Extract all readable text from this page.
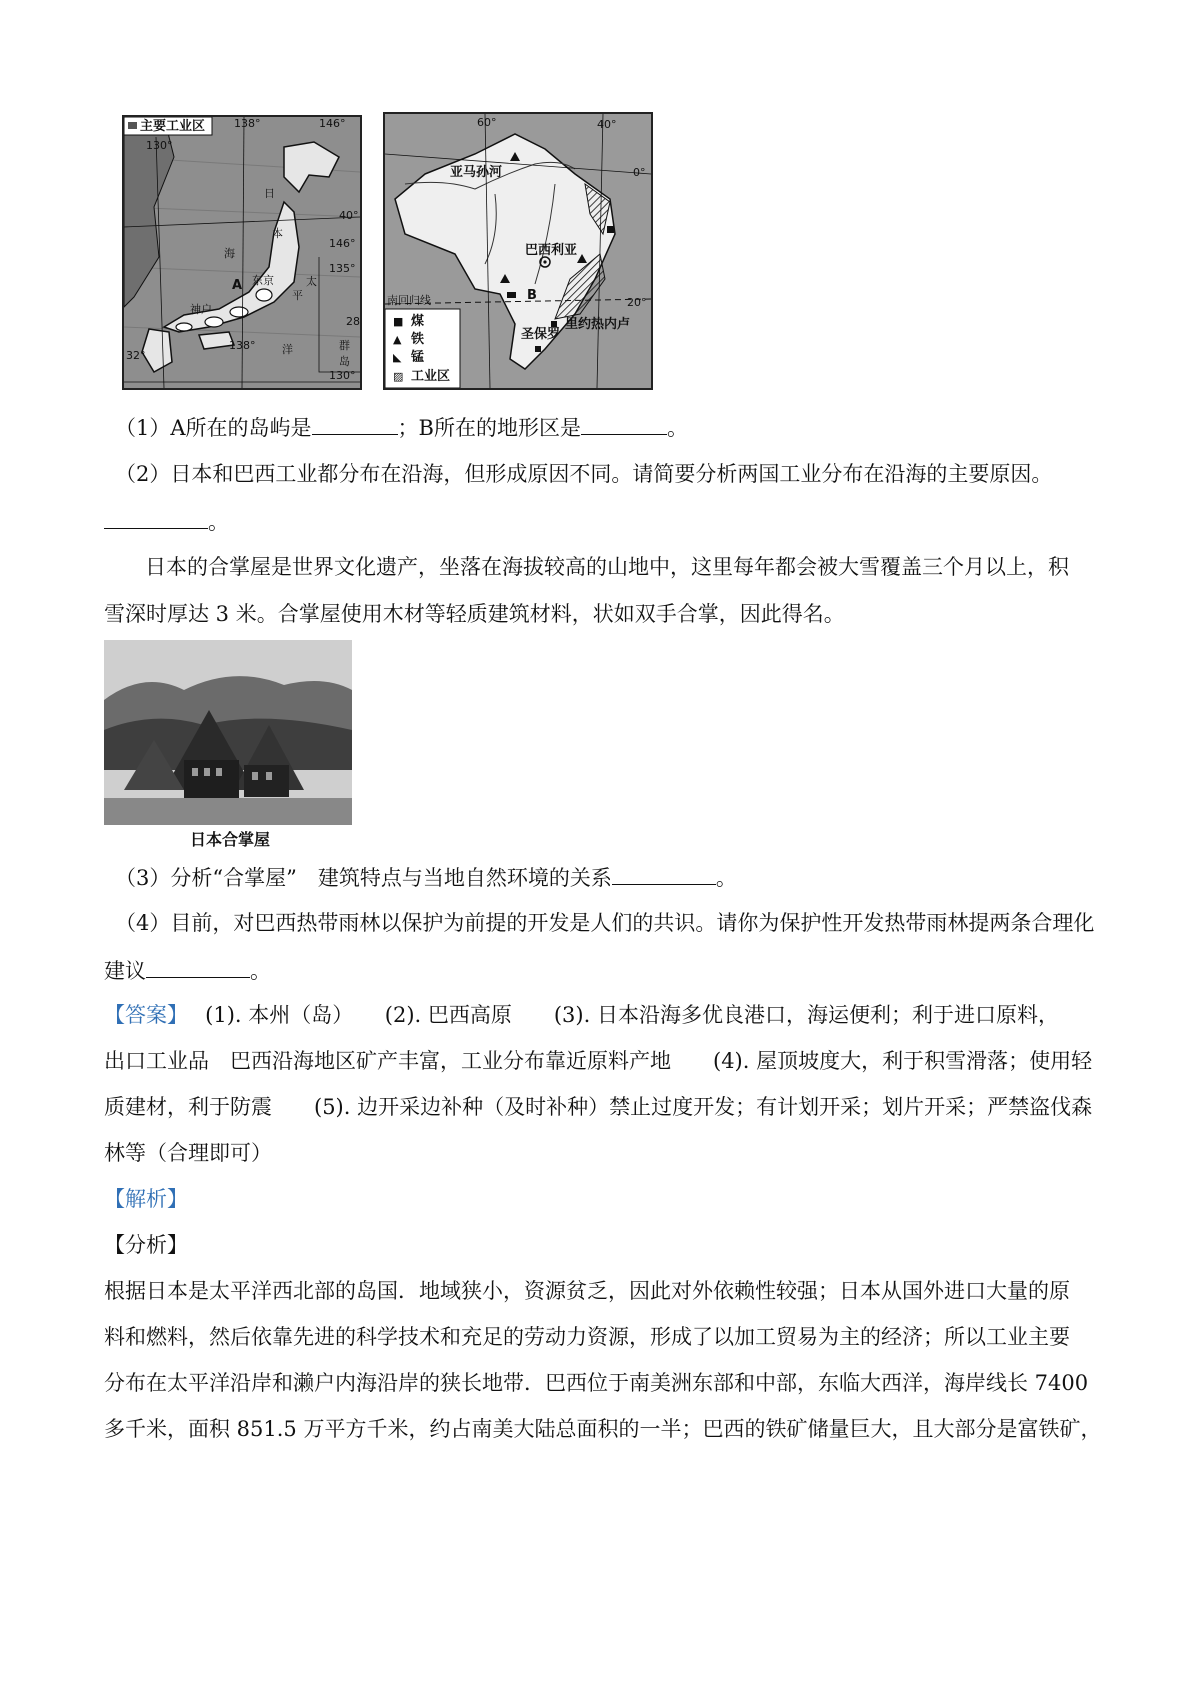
主要工业区
130°
138°	146°
40°
146°
135°
28
138°
32°
130°
A 东京
神户
日
本
海
太
平
洋	群
岛
■ 煤
▲ 铁
◣ 锰
▨ 工业区
60°	40°
0°
20°
亚马孙河
巴西利亚
南回归线	B
圣保罗
里约热内卢
（1）A所在的岛屿是	；B所在的地形区是	。
（2）日本和巴西工业都分布在沿海，但形成原因不同。请简要分析两国工业分布在沿海的主要原因。
。
日本的合掌屋是世界文化遗产，坐落在海拔较高的山地中，这里每年都会被大雪覆盖三个月以上，积
雪深时厚达 3 米。合掌屋使用木材等轻质建筑材料，状如双手合掌，因此得名。
日本合掌屋
（3）分析“合掌屋”　建筑特点与当地自然环境的关系	。
（4）目前，对巴西热带雨林以保护为前提的开发是人们的共识。请你为保护性开发热带雨林提两条合理化
建议	。
【答案】　 (1). 本州（岛）　　(2). 巴西高原　　(3). 日本沿海多优良港口，海运便利；利于进口原料，
出口工业品　巴西沿海地区矿产丰富，工业分布靠近原料产地　　(4). 屋顶坡度大，利于积雪滑落；使用轻
质建材，利于防震　　(5). 边开采边补种（及时补种）禁止过度开发；有计划开采；划片开采；严禁盗伐森
林等（合理即可）
【解析】
【分析】
根据日本是太平洋西北部的岛国．地域狭小，资源贫乏，因此对外依赖性较强；日本从国外进口大量的原
料和燃料，然后依靠先进的科学技术和充足的劳动力资源，形成了以加工贸易为主的经济；所以工业主要
分布在太平洋沿岸和濑户内海沿岸的狭长地带．巴西位于南美洲东部和中部，东临大西洋，海岸线长 7400
多千米，面积 851.5 万平方千米，约占南美大陆总面积的一半；巴西的铁矿储量巨大，且大部分是富铁矿，
